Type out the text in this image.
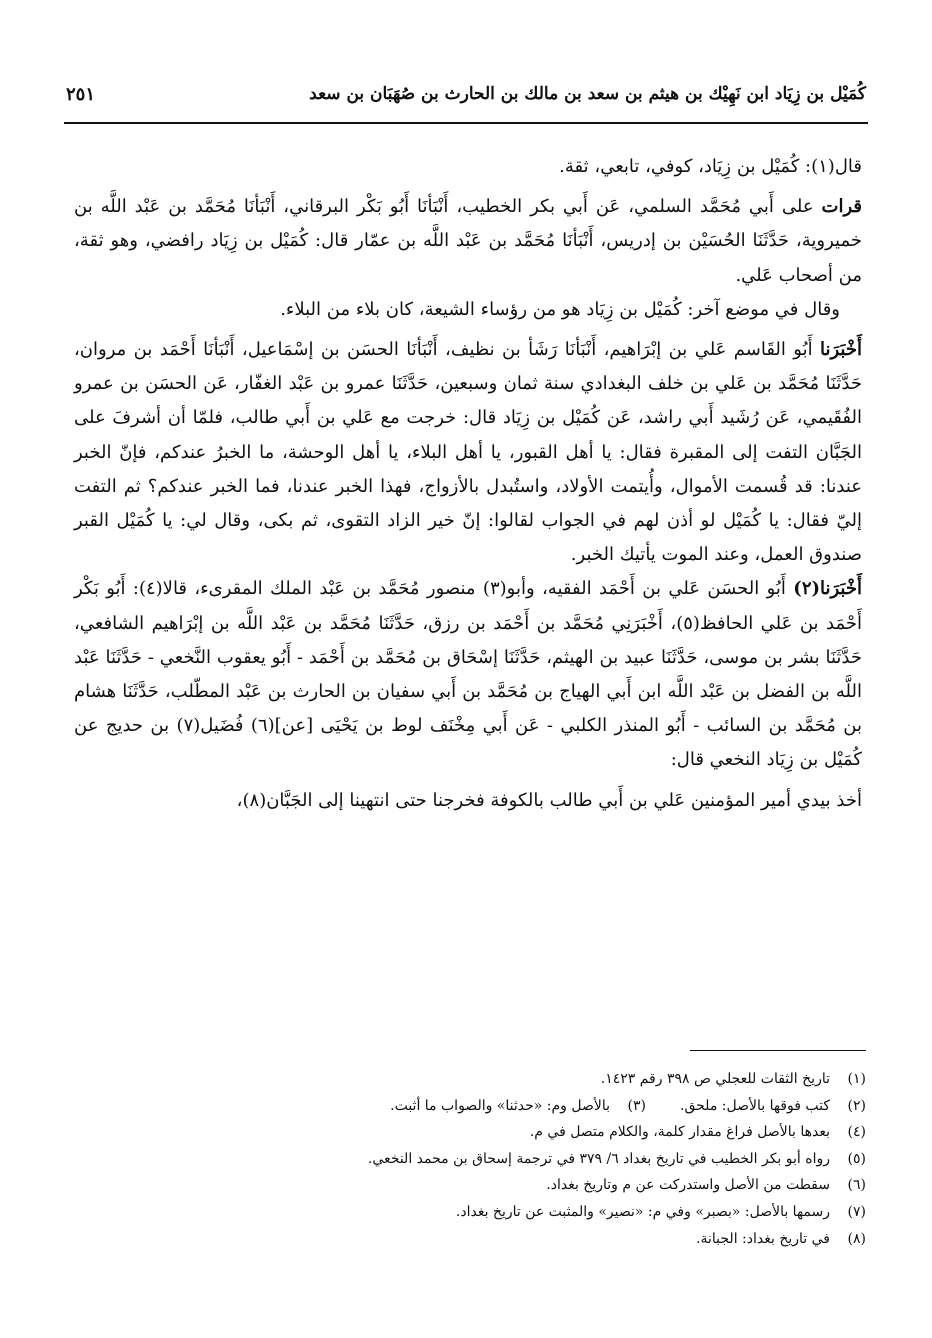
كُمَيْل بن زِيَاد ابن نَهِيْك بن هيثم بن سعد بن مالك بن الحارث بن صُهَبَان بن سعد
٢٥١

قال(١): كُمَيْل بن زِيَاد، كوفي، تابعي، ثقة.

قرات على أَبي مُحَمَّد السلمي، عَن أَبي بكر الخطيب، أَنْبَأنَا أَبُو بَكْر البرقاني، أَنْبَأنَا مُحَمَّد بن عَبْد اللَّه بن خميروية، حَدَّثَنَا الحُسَيْن بن إدريس، أَنْبَأنَا مُحَمَّد بن عَبْد اللَّه بن عمّار قال: كُمَيْل بن زِيَاد رافضي، وهو ثقة، من أصحاب عَلي.

وقال في موضع آخر: كُمَيْل بن زِيَاد هو من رؤساء الشيعة، كان بلاء من البلاء.

أَخْبَرَنا أَبُو القَاسم عَلي بن إبْرَاهيم، أَنْبَأنَا رَشَأ بن نظيف، أَنْبَأنَا الحسَن بن إسْمَاعيل، أَنْبَأنَا أَحْمَد بن مروان، حَدَّثَنَا مُحَمَّد بن عَلي بن خلف البغدادي سنة ثمان وسبعين، حَدَّثَنَا عمرو بن عَبْد الغفّار، عَن الحسَن بن عمرو الفُقَيمي، عَن رُشَيد أَبي راشد، عَن كُمَيْل بن زِيَاد قال: خرجت مع عَلي بن أَبي طالب، فلمّا أن أشرفَ على الجَبَّان التفت إلى المقبرة فقال: يا أهل القبور، يا أهل البلاء، يا أهل الوحشة، ما الخبرُ عندكم، فإنّ الخبر عندنا: قد قُسمت الأموال، وأُيتمت الأولاد، واستُبدل بالأزواج، فهذا الخبر عندنا، فما الخبر عندكم؟ ثم التفت إليّ فقال: يا كُمَيْل لو أذن لهم في الجواب لقالوا: إنّ خير الزاد التقوى، ثم بكى، وقال لي: يا كُمَيْل القبر صندوق العمل، وعند الموت يأتيك الخبر.

أَخْبَرَنا(٢) أَبُو الحسَن عَلي بن أَحْمَد الفقيه، وأبو(٣) منصور مُحَمَّد بن عَبْد الملك المقرىء، قالا(٤): أَبُو بَكْر أَحْمَد بن عَلي الحافظ(٥)، أَخْبَرَنِي مُحَمَّد بن أَحْمَد بن رزق، حَدَّثَنَا مُحَمَّد بن عَبْد اللَّه بن إبْرَاهيم الشافعي، حَدَّثَنَا بشر بن موسى، حَدَّثَنَا عبيد بن الهيثم، حَدَّثَنَا إسْحَاق بن مُحَمَّد بن أَحْمَد - أَبُو يعقوب النَّخعي - حَدَّثَنَا عَبْد اللَّه بن الفضل بن عَبْد اللَّه ابن أَبي الهياج بن مُحَمَّد بن أَبي سفيان بن الحارث بن عَبْد المطّلب، حَدَّثَنَا هشام بن مُحَمَّد بن السائب - أَبُو المنذر الكلبي - عَن أَبي مِخْنَف لوط بن يَحْيَى [عن](٦) فُضَيل(٧) بن حديج عن كُمَيْل بن زِيَاد النخعي قال:

أخذ بيدي أمير المؤمنين عَلي بن أَبي طالب بالكوفة فخرجنا حتى انتهينا إلى الجَبَّان(٨)،

(١)تاريخ الثقات للعجلي ص ٣٩٨ رقم ١٤٢٣.
(٢)كتب فوقها بالأصل: ملحق.(٣)بالأصل وم: «حدثنا» والصواب ما أثبت.
(٤)بعدها بالأصل فراغ مقدار كلمة، والكلام متصل في م.
(٥)رواه أبو بكر الخطيب في تاريخ بغداد ٦/ ٣٧٩ في ترجمة إسحاق بن محمد النخعي.
(٦)سقطت من الأصل واستدركت عن م وتاريخ بغداد.
(٧)رسمها بالأصل: «بصبر» وفي م: «نصير» والمثبت عن تاريخ بغداد.
(٨)في تاريخ بغداد: الجبانة.
